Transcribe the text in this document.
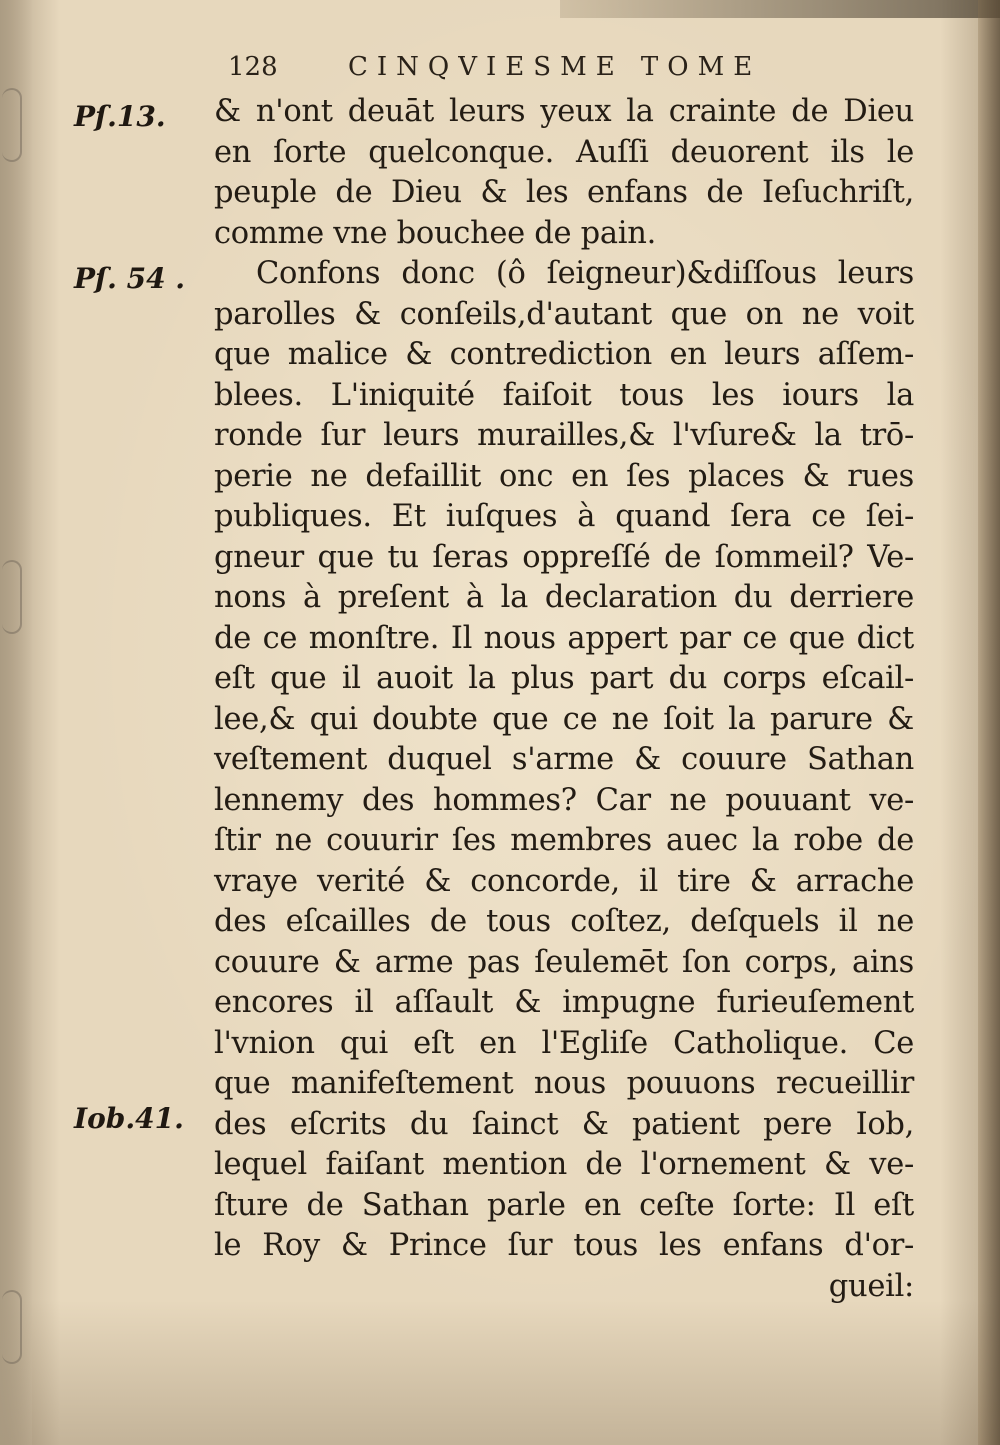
128	CINQVIESME TOME
Pſ.13.
Pſ. 54 .
Iob.41.
& n'ont deuāt leurs yeux la crainte de Dieu
en ſorte quelconque. Auſſi deuorent ils le
peuple de Dieu & les enfans de Ieſuchriſt,
comme vne bouchee de pain.
Confons donc (ô ſeigneur)&diſſous leurs
parolles & conſeils,d'autant que on ne voit
que malice & contrediction en leurs aſſem-
blees. L'iniquité faiſoit tous les iours la
ronde ſur leurs murailles,& l'vſure& la trō-
perie ne defaillit onc en ſes places & rues
publiques. Et iuſques à quand ſera ce ſei-
gneur que tu ſeras oppreſſé de ſommeil? Ve-
nons à preſent à la declaration du derriere
de ce monſtre. Il nous appert par ce que dict
eſt que il auoit la plus part du corps eſcail-
lee,& qui doubte que ce ne ſoit la parure &
veſtement duquel s'arme & couure Sathan
lennemy des hommes? Car ne pouuant ve-
ſtir ne couurir ſes membres auec la robe de
vraye verité & concorde, il tire & arrache
des eſcailles de tous coſtez, deſquels il ne
couure & arme pas ſeulemēt ſon corps, ains
encores il aſſault & impugne furieuſement
l'vnion qui eſt en l'Egliſe Catholique. Ce
que manifeſtement nous pouuons recueillir
des eſcrits du ſainct & patient pere Iob,
lequel faiſant mention de l'ornement & ve-
ſture de Sathan parle en ceſte ſorte: Il eſt
le Roy & Prince ſur tous les enfans d'or-
gueil:
